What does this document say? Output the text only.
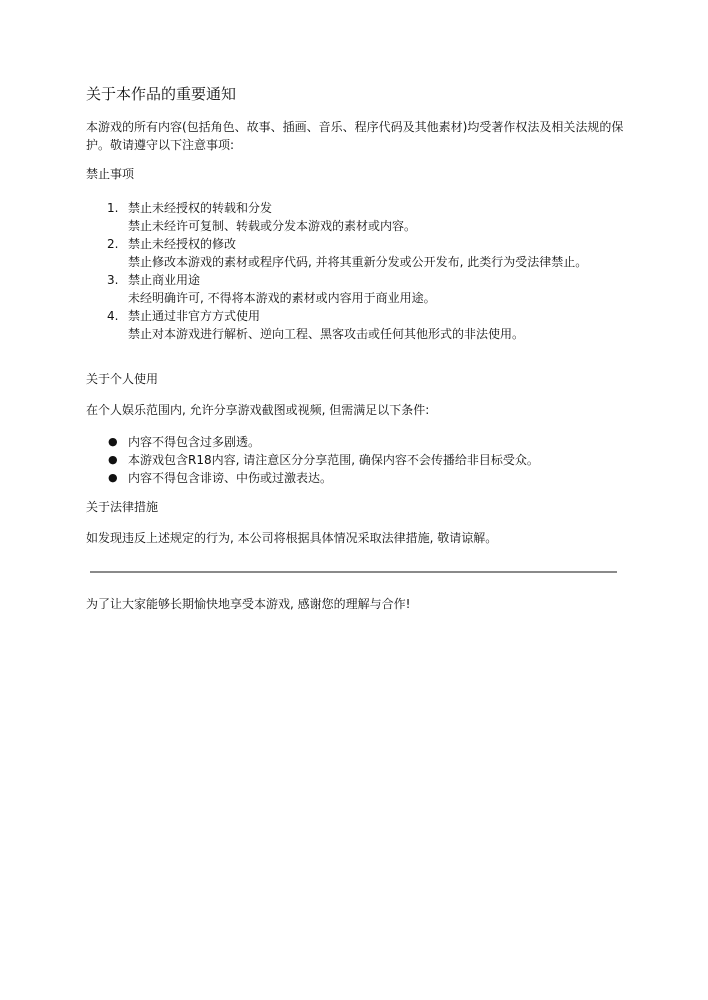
关于本作品的重要通知
本游戏的所有内容(包括角色、故事、插画、音乐、程序代码及其他素材)均受著作权法及相关法规的保护。敬请遵守以下注意事项:
禁止事项
1. 禁止未经授权的转载和分发
禁止未经许可复制、转载或分发本游戏的素材或内容。
2. 禁止未经授权的修改
禁止修改本游戏的素材或程序代码, 并将其重新分发或公开发布, 此类行为受法律禁止。
3. 禁止商业用途
未经明确许可, 不得将本游戏的素材或内容用于商业用途。
4. 禁止通过非官方方式使用
禁止对本游戏进行解析、逆向工程、黑客攻击或任何其他形式的非法使用。
关于个人使用
在个人娱乐范围内, 允许分享游戏截图或视频, 但需满足以下条件:
● 内容不得包含过多剧透。
● 本游戏包含R18内容, 请注意区分分享范围, 确保内容不会传播给非目标受众。
● 内容不得包含诽谤、中伤或过激表达。
关于法律措施
如发现违反上述规定的行为, 本公司将根据具体情况采取法律措施, 敬请谅解。
为了让大家能够长期愉快地享受本游戏, 感谢您的理解与合作!
